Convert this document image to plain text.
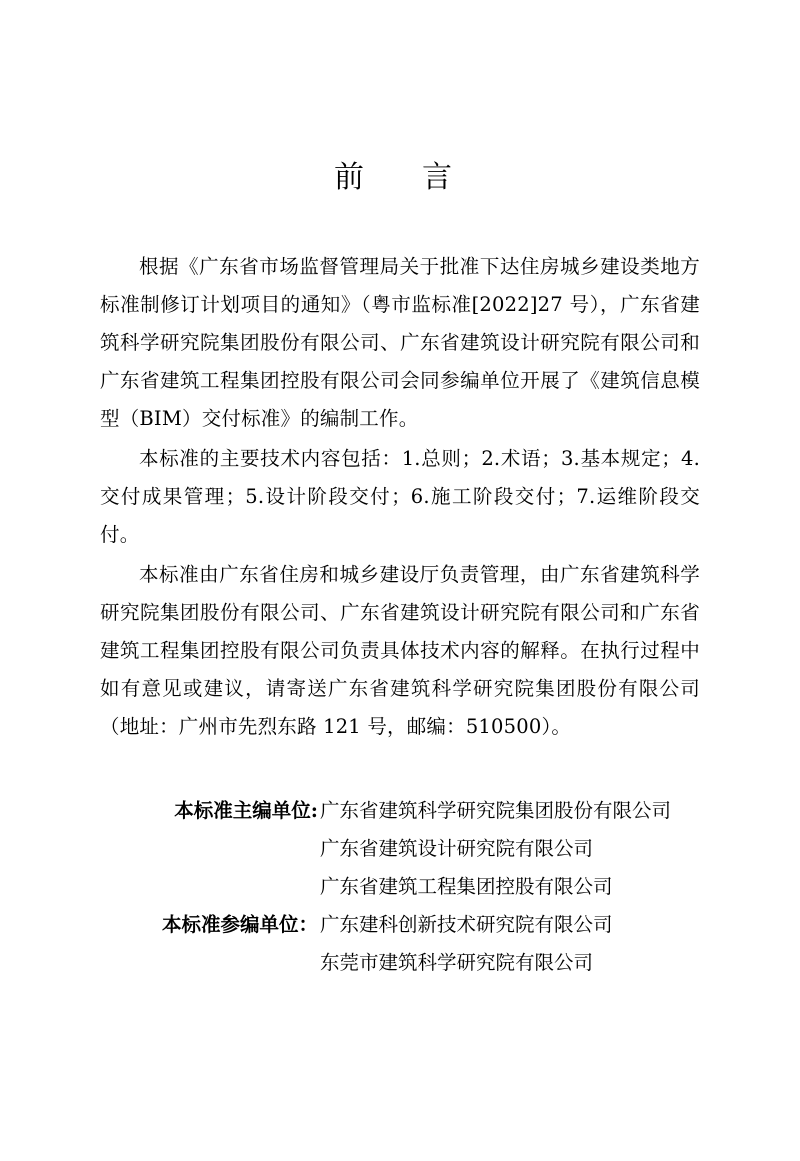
前　言

根据《广东省市场监督管理局关于批准下达住房城乡建设类地方标准制修订计划项目的通知》（粤市监标准[2022]27 号），广东省建筑科学研究院集团股份有限公司、广东省建筑设计研究院有限公司和广东省建筑工程集团控股有限公司会同参编单位开展了《建筑信息模型（BIM）交付标准》的编制工作。

本标准的主要技术内容包括：1.总则；2.术语；3.基本规定；4.交付成果管理；5.设计阶段交付；6.施工阶段交付；7.运维阶段交付。

本标准由广东省住房和城乡建设厅负责管理，由广东省建筑科学研究院集团股份有限公司、广东省建筑设计研究院有限公司和广东省建筑工程集团控股有限公司负责具体技术内容的解释。在执行过程中如有意见或建议，请寄送广东省建筑科学研究院集团股份有限公司（地址：广州市先烈东路 121 号，邮编：510500）。

本标准主编单位: 广东省建筑科学研究院集团股份有限公司
广东省建筑设计研究院有限公司
广东省建筑工程集团控股有限公司
本标准参编单位： 广东建科创新技术研究院有限公司
东莞市建筑科学研究院有限公司
